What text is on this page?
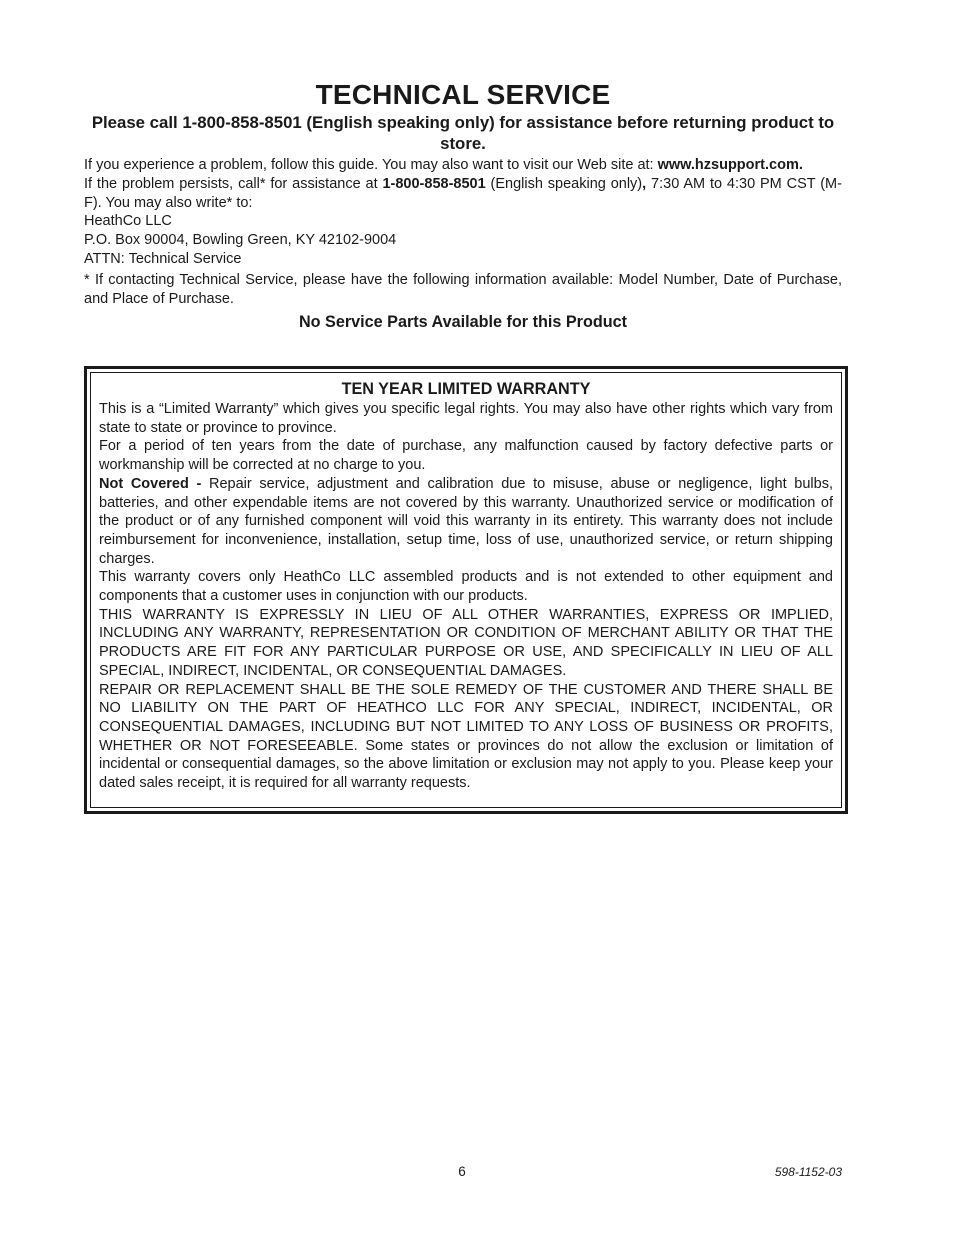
TECHNICAL SERVICE

Please call 1-800-858-8501 (English speaking only) for assistance before returning product to store.

If you experience a problem, follow this guide. You may also want to visit our Web site at: www.hzsupport.com.

If the problem persists, call* for assistance at 1-800-858-8501 (English speaking only), 7:30 AM to 4:30 PM CST (M-F). You may also write* to:

HeathCo LLC

P.O. Box 90004, Bowling Green, KY 42102-9004

ATTN: Technical Service

* If contacting Technical Service, please have the following information available: Model Number, Date of Purchase, and Place of Purchase.

No Service Parts Available for this Product

TEN YEAR LIMITED WARRANTY

This is a “Limited Warranty” which gives you specific legal rights. You may also have other rights which vary from state to state or province to province.

For a period of ten years from the date of purchase, any malfunction caused by factory defective parts or workmanship will be corrected at no charge to you.

Not Covered - Repair service, adjustment and calibration due to misuse, abuse or negligence, light bulbs, batteries, and other expendable items are not covered by this warranty. Unauthorized service or modification of the product or of any furnished component will void this warranty in its entirety. This warranty does not include reimbursement for inconvenience, installation, setup time, loss of use, unauthorized service, or return shipping charges.

This warranty covers only HeathCo LLC assembled products and is not extended to other equipment and components that a customer uses in conjunction with our products.

THIS WARRANTY IS EXPRESSLY IN LIEU OF ALL OTHER WARRANTIES, EXPRESS OR IMPLIED, INCLUDING ANY WARRANTY, REPRESENTATION OR CONDITION OF MERCHANT ABILITY OR THAT THE PRODUCTS ARE FIT FOR ANY PARTICULAR PURPOSE OR USE, AND SPECIFICALLY IN LIEU OF ALL SPECIAL, INDIRECT, INCIDENTAL, OR CONSEQUENTIAL DAMAGES.

REPAIR OR REPLACEMENT SHALL BE THE SOLE REMEDY OF THE CUSTOMER AND THERE SHALL BE NO LIABILITY ON THE PART OF HEATHCO LLC FOR ANY SPECIAL, INDIRECT, INCIDENTAL, OR CONSEQUENTIAL DAMAGES, INCLUDING BUT NOT LIMITED TO ANY LOSS OF BUSINESS OR PROFITS, WHETHER OR NOT FORESEEABLE. Some states or provinces do not allow the exclusion or limitation of incidental or consequential damages, so the above limitation or exclusion may not apply to you. Please keep your dated sales receipt, it is required for all warranty requests.

6	598-1152-03
